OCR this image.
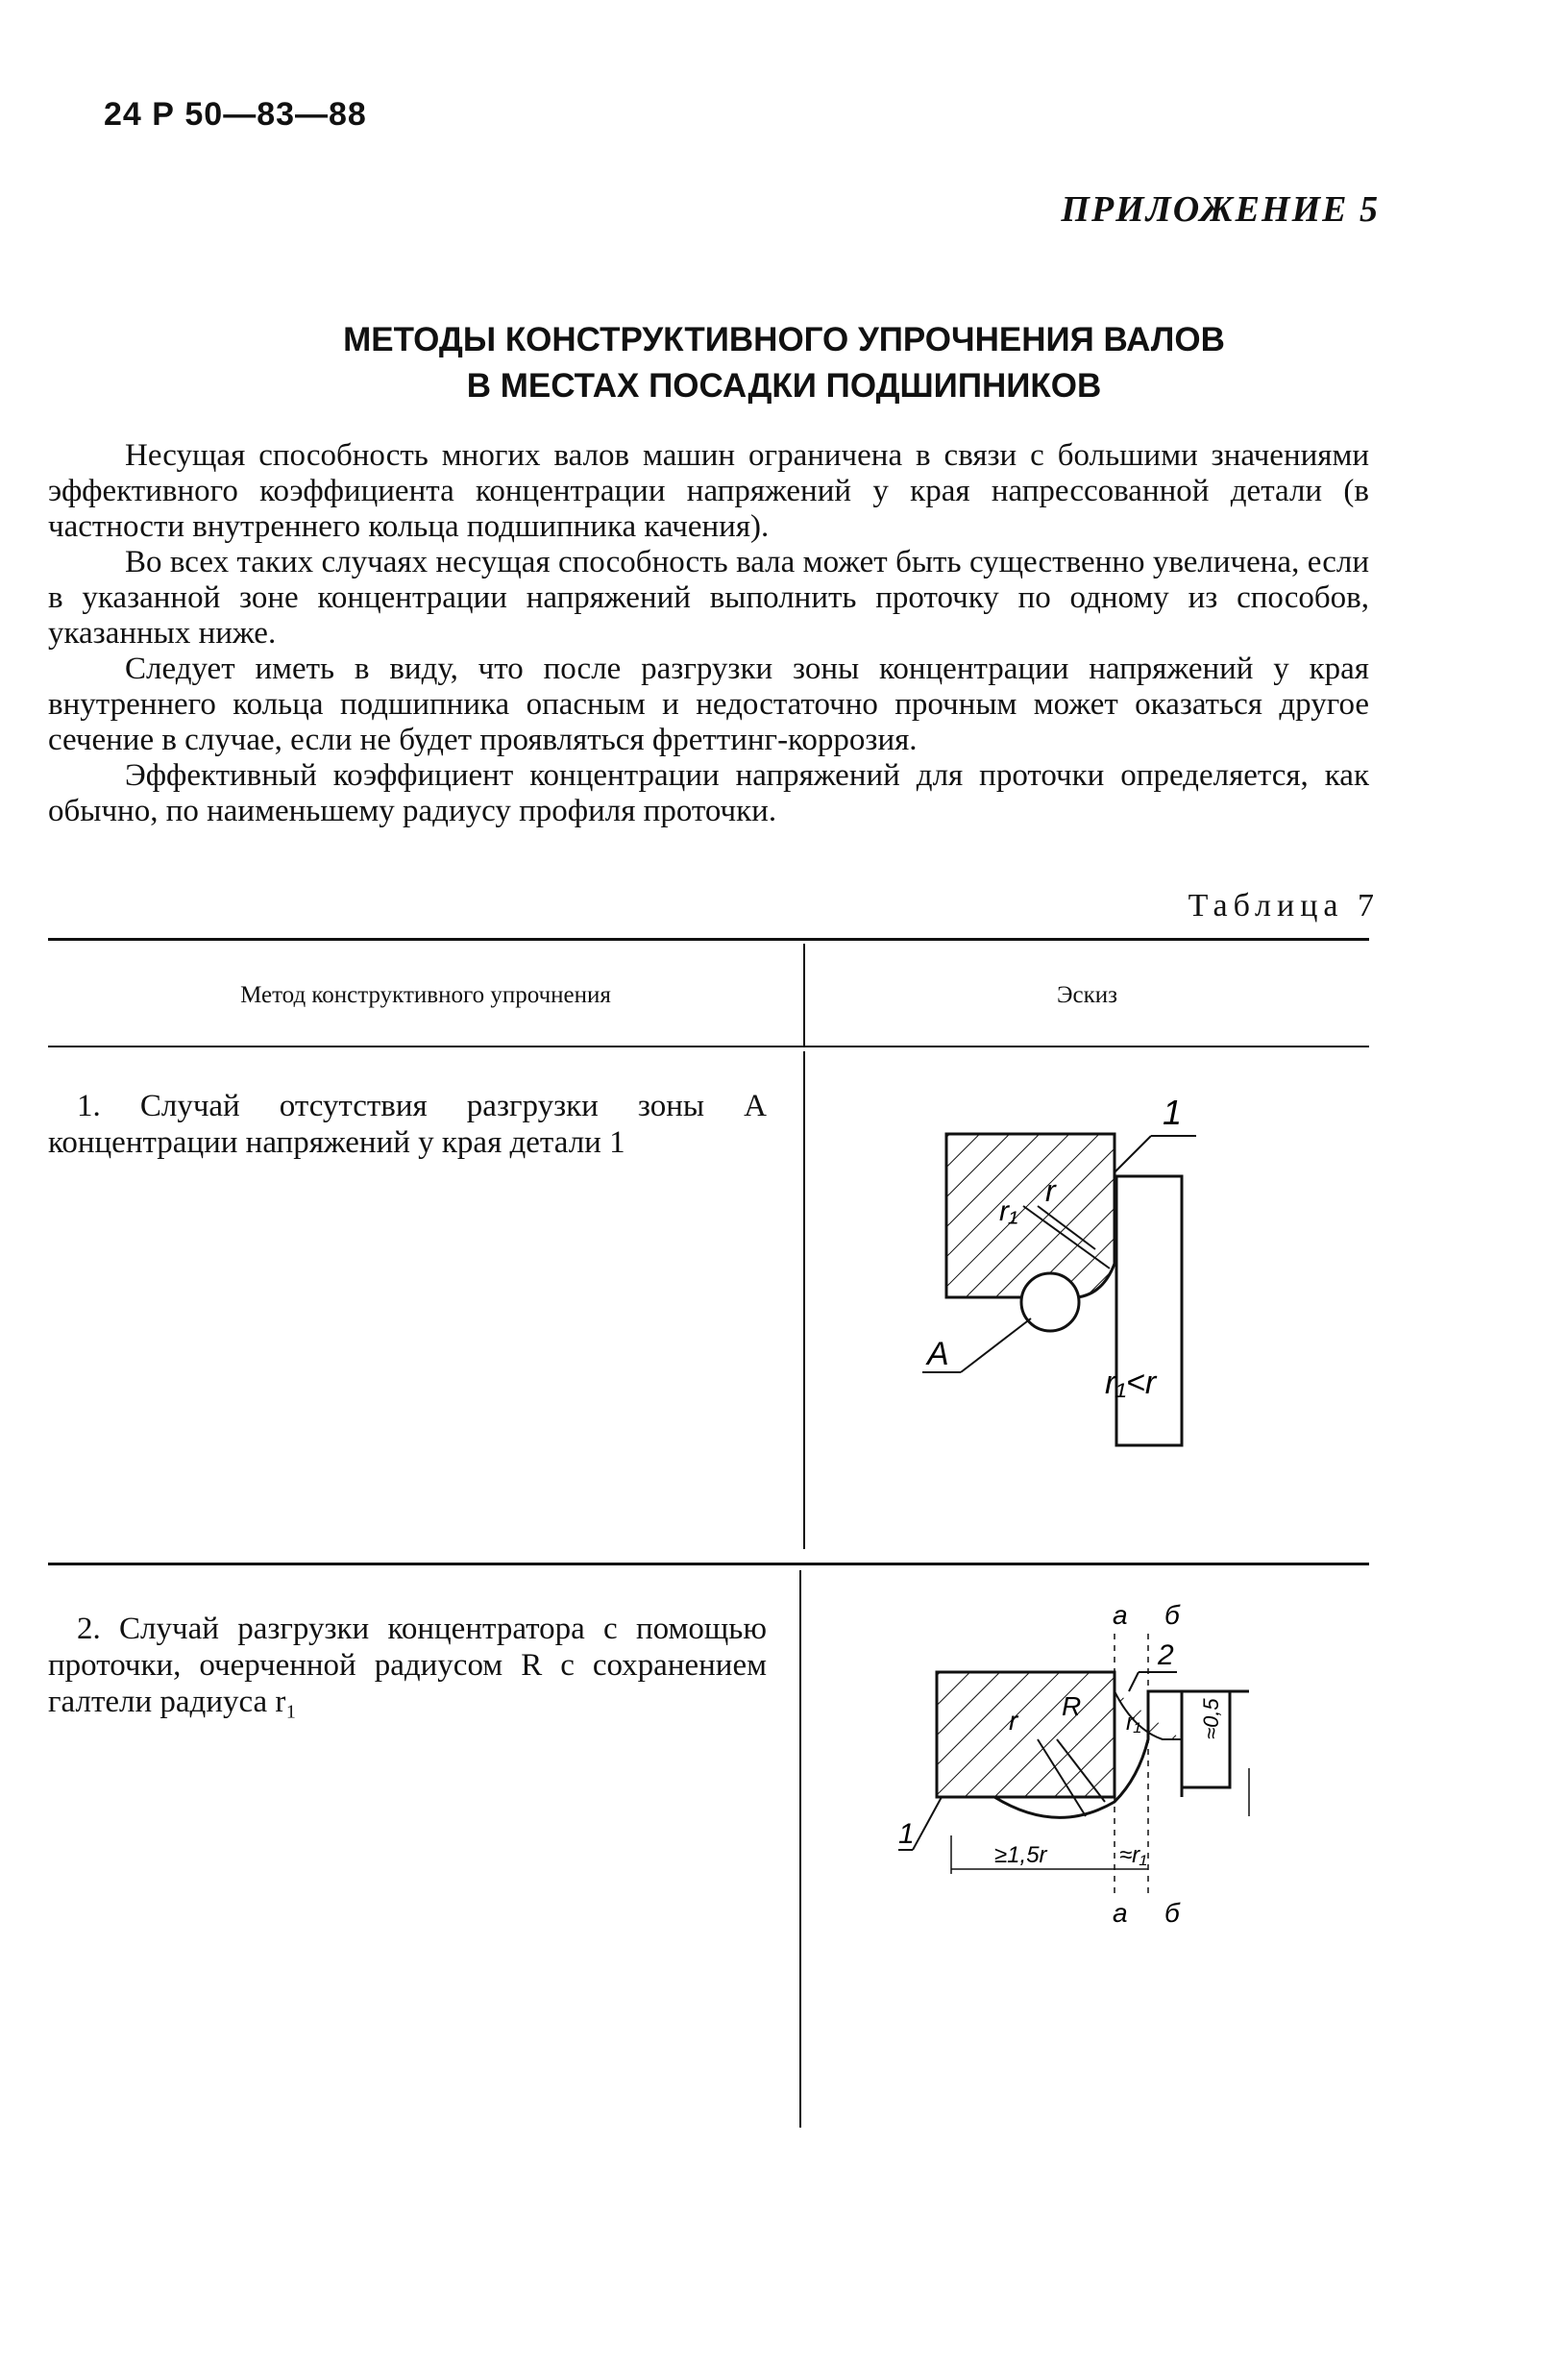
24 Р 50—83—88
ПРИЛОЖЕНИЕ 5
МЕТОДЫ КОНСТРУКТИВНОГО УПРОЧНЕНИЯ ВАЛОВ
В МЕСТАХ ПОСАДКИ ПОДШИПНИКОВ

Несущая способность многих валов машин ограничена в связи с большими значениями эффективного коэффициента концентрации напряжений у края напрессованной детали (в частности внутреннего кольца подшипника качения).

Во всех таких случаях несущая способность вала может быть существенно увеличена, если в указанной зоне концентрации напряжений выполнить проточку по одному из способов, указанных ниже.

Следует иметь в виду, что после разгрузки зоны концентрации напряжений у края внутреннего кольца подшипника опасным и недостаточно прочным может оказаться другое сечение в случае, если не будет проявляться фреттинг-коррозия.

Эффективный коэффициент концентрации напряжений для проточки определяется, как обычно, по наименьшему радиусу профиля проточки.

Таблица 7
Метод конструктивного упрочнения	Эскиз

1. Случай отсутствия разгрузки зоны A концентрации напряжений у края детали 1

1
r₁
r
A
r₁<r

2. Случай разгрузки концентратора с помощью проточки, очерченной радиусом R с сохранением галтели радиуса r₁

а б
2
R
r	r₁
1
≥1,5r	≈r₁
≈0,5
а б
